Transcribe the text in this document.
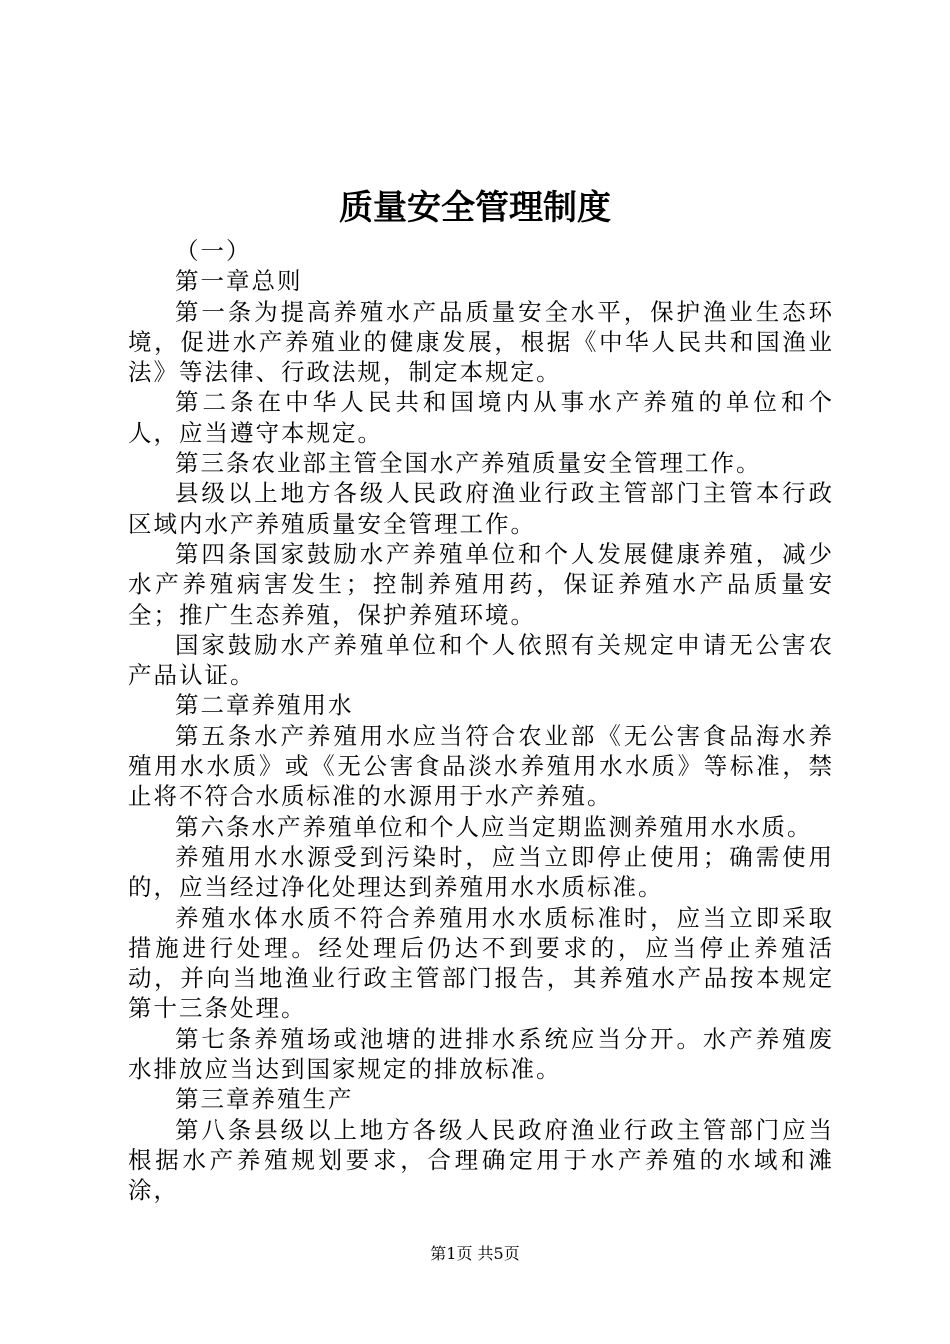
质量安全管理制度

（一）

第一章总则

第一条为提高养殖水产品质量安全水平，保护渔业生态环境，促进水产养殖业的健康发展，根据《中华人民共和国渔业法》等法律、行政法规，制定本规定。

第二条在中华人民共和国境内从事水产养殖的单位和个人，应当遵守本规定。

第三条农业部主管全国水产养殖质量安全管理工作。

县级以上地方各级人民政府渔业行政主管部门主管本行政区域内水产养殖质量安全管理工作。

第四条国家鼓励水产养殖单位和个人发展健康养殖，减少水产养殖病害发生；控制养殖用药，保证养殖水产品质量安全；推广生态养殖，保护养殖环境。

国家鼓励水产养殖单位和个人依照有关规定申请无公害农产品认证。

第二章养殖用水

第五条水产养殖用水应当符合农业部《无公害食品海水养殖用水水质》或《无公害食品淡水养殖用水水质》等标准，禁止将不符合水质标准的水源用于水产养殖。

第六条水产养殖单位和个人应当定期监测养殖用水水质。

养殖用水水源受到污染时，应当立即停止使用；确需使用的，应当经过净化处理达到养殖用水水质标准。

养殖水体水质不符合养殖用水水质标准时，应当立即采取措施进行处理。经处理后仍达不到要求的，应当停止养殖活动，并向当地渔业行政主管部门报告，其养殖水产品按本规定第十三条处理。

第七条养殖场或池塘的进排水系统应当分开。水产养殖废水排放应当达到国家规定的排放标准。

第三章养殖生产

第八条县级以上地方各级人民政府渔业行政主管部门应当根据水产养殖规划要求，合理确定用于水产养殖的水域和滩涂，

第1页 共5页
